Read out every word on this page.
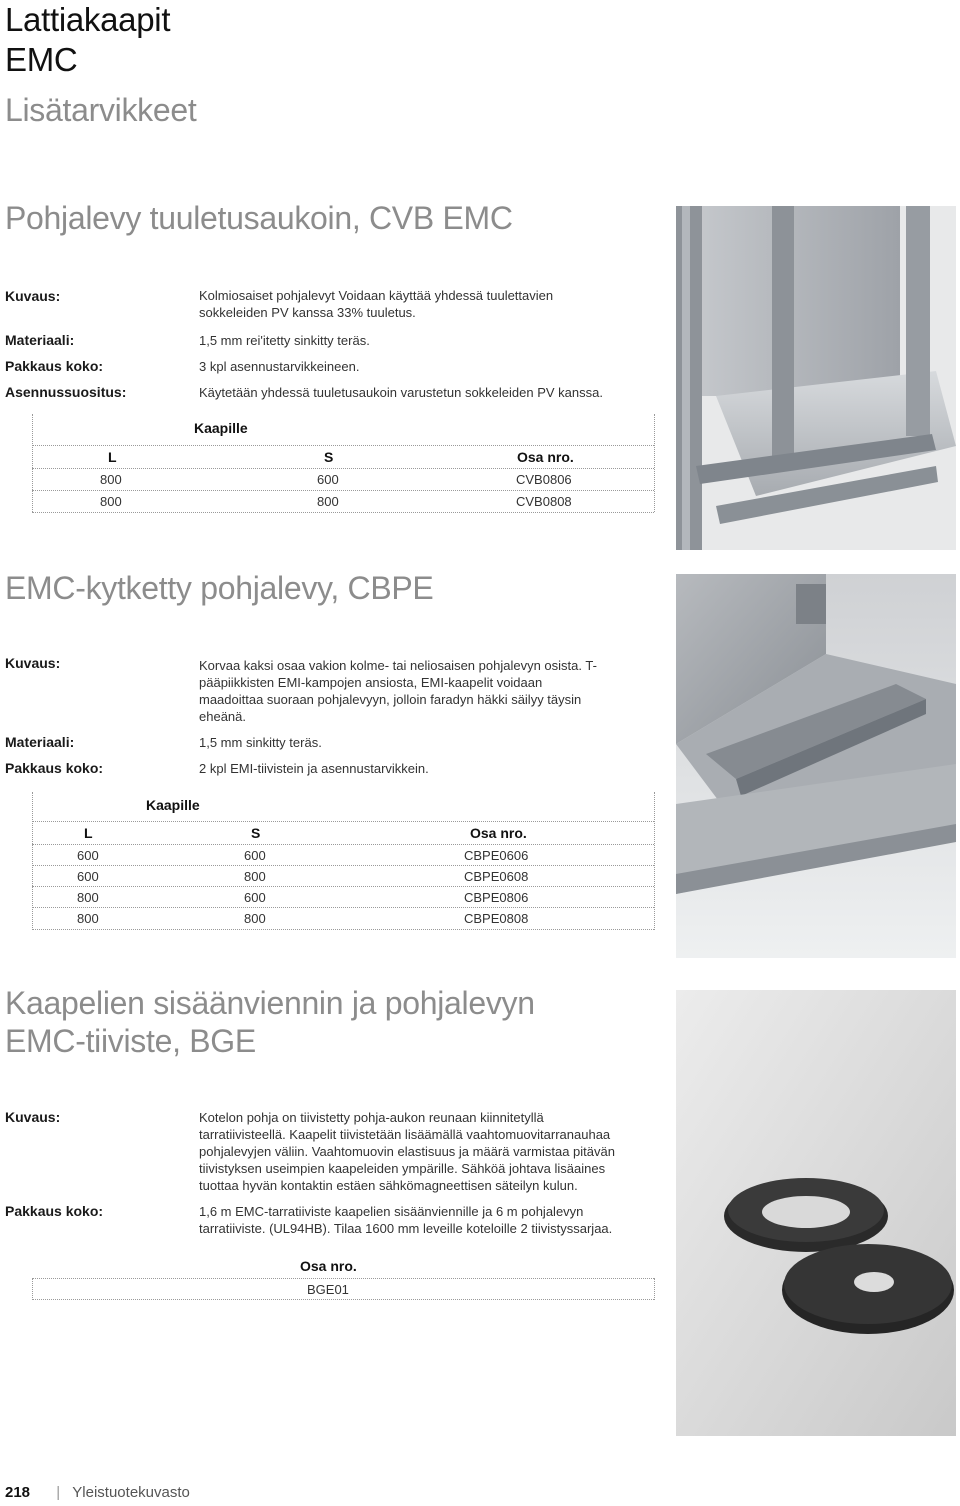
Lattiakaapit
EMC
Lisätarvikkeet
Pohjalevy tuuletusaukoin, CVB EMC
Kuvaus:	Kolmiosaiset pohjalevyt Voidaan käyttää yhdessä tuulettavien sokkeleiden PV kanssa 33% tuuletus.
Materiaali:	1,5 mm rei'itetty sinkitty teräs.
Pakkaus koko:	3 kpl asennustarvikkeineen.
Asennussuositus:	Käytetään yhdessä tuuletusaukoin varustetun sokkeleiden PV kanssa.
Kaapille
L	S	Osa nro.
800	600	CVB0806
800	800	CVB0808
EMC-kytketty pohjalevy, CBPE
Kuvaus:	Korvaa kaksi osaa vakion kolme- tai neliosaisen pohjalevyn osista. T-pääpiikkisten EMI-kampojen ansiosta, EMI-kaapelit voidaan maadoittaa suoraan pohjalevyyn, jolloin faradyn häkki säilyy täysin eheänä.
Materiaali:	1,5 mm sinkitty teräs.
Pakkaus koko:	2 kpl EMI-tiivistein ja asennustarvikkein.
Kaapille
L	S	Osa nro.
600	600	CBPE0606
600	800	CBPE0608
800	600	CBPE0806
800	800	CBPE0808
Kaapelien sisäänviennin ja pohjalevyn
EMC-tiiviste, BGE
Kuvaus:	Kotelon pohja on tiivistetty pohja-aukon reunaan kiinnitetyllä tarratiivisteellä. Kaapelit tiivistetään lisäämällä vaahtomuovitarranauhaa pohjalevyjen väliin. Vaahtomuovin elastisuus ja määrä varmistaa pitävän tiivistyksen useimpien kaapeleiden ympärille. Sähköä johtava lisäaines tuottaa hyvän kontaktin estäen sähkömagneettisen säteilyn kulun.
Pakkaus koko:	1,6 m EMC-tarratiiviste kaapelien sisäänviennille ja 6 m pohjalevyn tarratiiviste. (UL94HB). Tilaa 1600 mm leveille koteloille 2 tiivistyssarjaa.
Osa nro.
BGE01
218 | Yleistuotekuvasto
